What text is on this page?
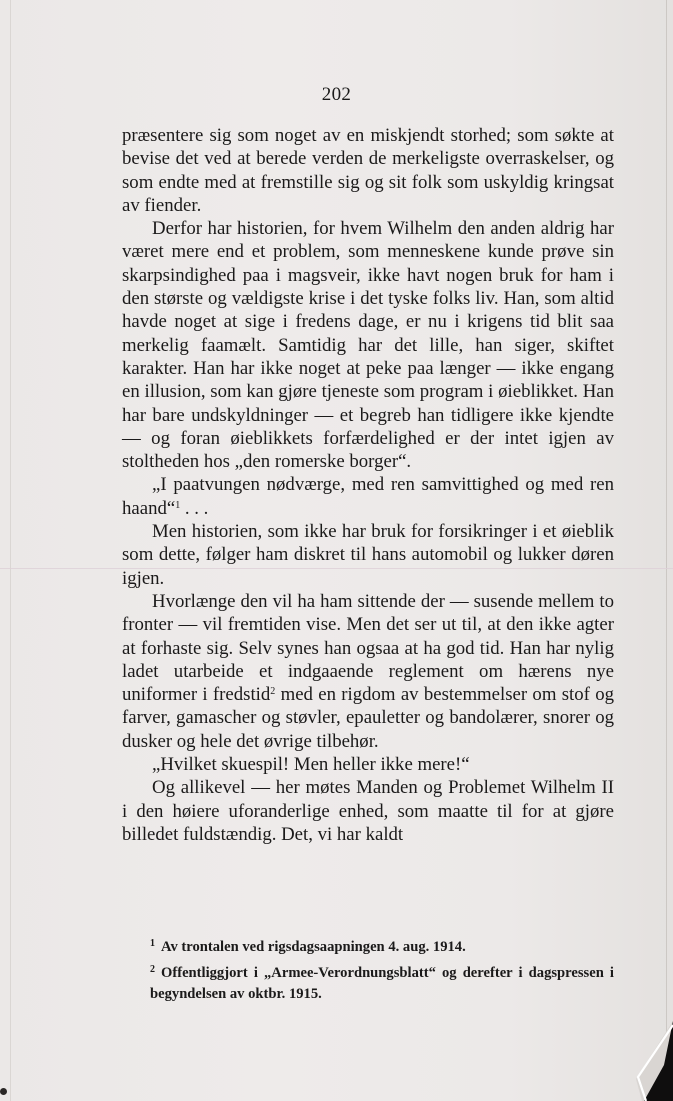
202

præsentere sig som noget av en miskjendt storhed; som søkte at bevise det ved at berede verden de merkeligste overraskelser, og som endte med at fremstille sig og sit folk som uskyldig kringsat av fiender.

Derfor har historien, for hvem Wilhelm den anden aldrig har været mere end et problem, som menneskene kunde prøve sin skarpsindighed paa i magsveir, ikke havt nogen bruk for ham i den største og vældigste krise i det tyske folks liv. Han, som altid havde noget at sige i fredens dage, er nu i krigens tid blit saa merkelig faamælt. Samtidig har det lille, han siger, skiftet karakter. Han har ikke noget at peke paa længer — ikke engang en illusion, som kan gjøre tjeneste som program i øieblikket. Han har bare undskyldninger — et begreb han tidligere ikke kjendte — og foran øieblikkets forfærdelighed er der intet igjen av stoltheden hos „den romerske borger“.

„I paatvungen nødværge, med ren samvittighed og med ren haand“$^1$ . . .

Men historien, som ikke har bruk for forsikringer i et øieblik som dette, følger ham diskret til hans automobil og lukker døren igjen.

Hvorlænge den vil ha ham sittende der — susende mellem to fronter — vil fremtiden vise. Men det ser ut til, at den ikke agter at forhaste sig. Selv synes han ogsaa at ha god tid. Han har nylig ladet utarbeide et indgaaende reglement om hærens nye uniformer i fredstid$^2$ med en rigdom av bestemmelser om stof og farver, gamascher og støvler, epauletter og bandolærer, snorer og dusker og hele det øvrige tilbehør.

„Hvilket skuespil! Men heller ikke mere!“

Og allikevel — her møtes Manden og Problemet Wilhelm II i den høiere uforanderlige enhed, som maatte til for at gjøre billedet fuldstændig. Det, vi har kaldt

$^1$ Av trontalen ved rigsdagsaapningen 4. aug. 1914.

$^2$ Offentliggjort i „Armee-Verordnungsblatt“ og derefter i dagspressen i begyndelsen av oktbr. 1915.
